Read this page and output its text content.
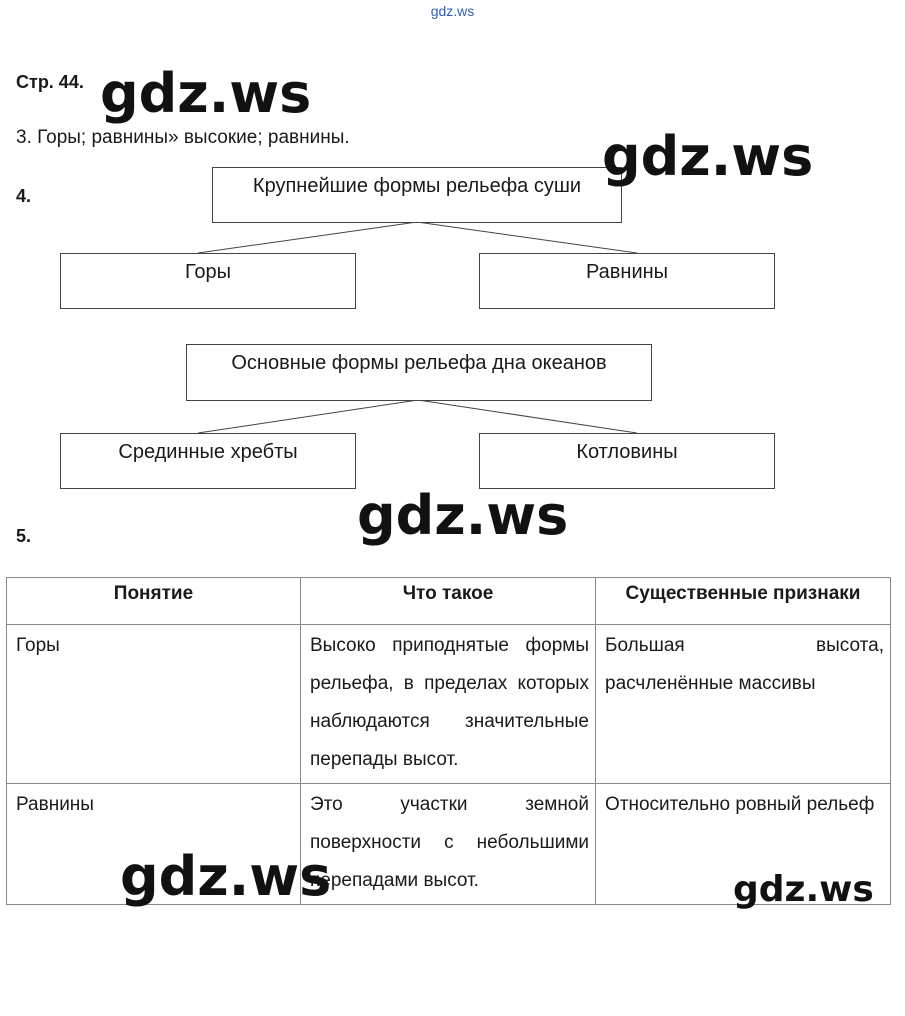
gdz.ws
Стр. 44.
3. Горы; равнины» высокие; равнины.
4.	Крупнейшие формы рельефа суши
Горы	Равнины
Основные формы рельефа дна океанов
Срединные хребты	Котловины
5.
Понятие	Что такое	Существенные признаки
Горы	Высоко приподнятые формы рельефа, в пределах которых наблюдаются значительные перепады высот.	Большая высота, расчленённые массивы
Равнины	Это участки земной поверхности с небольшими перепадами высот.	Относительно ровный рельеф
gdz.ws
gdz.ws
gdz.ws
gdz.ws	gdz.ws
